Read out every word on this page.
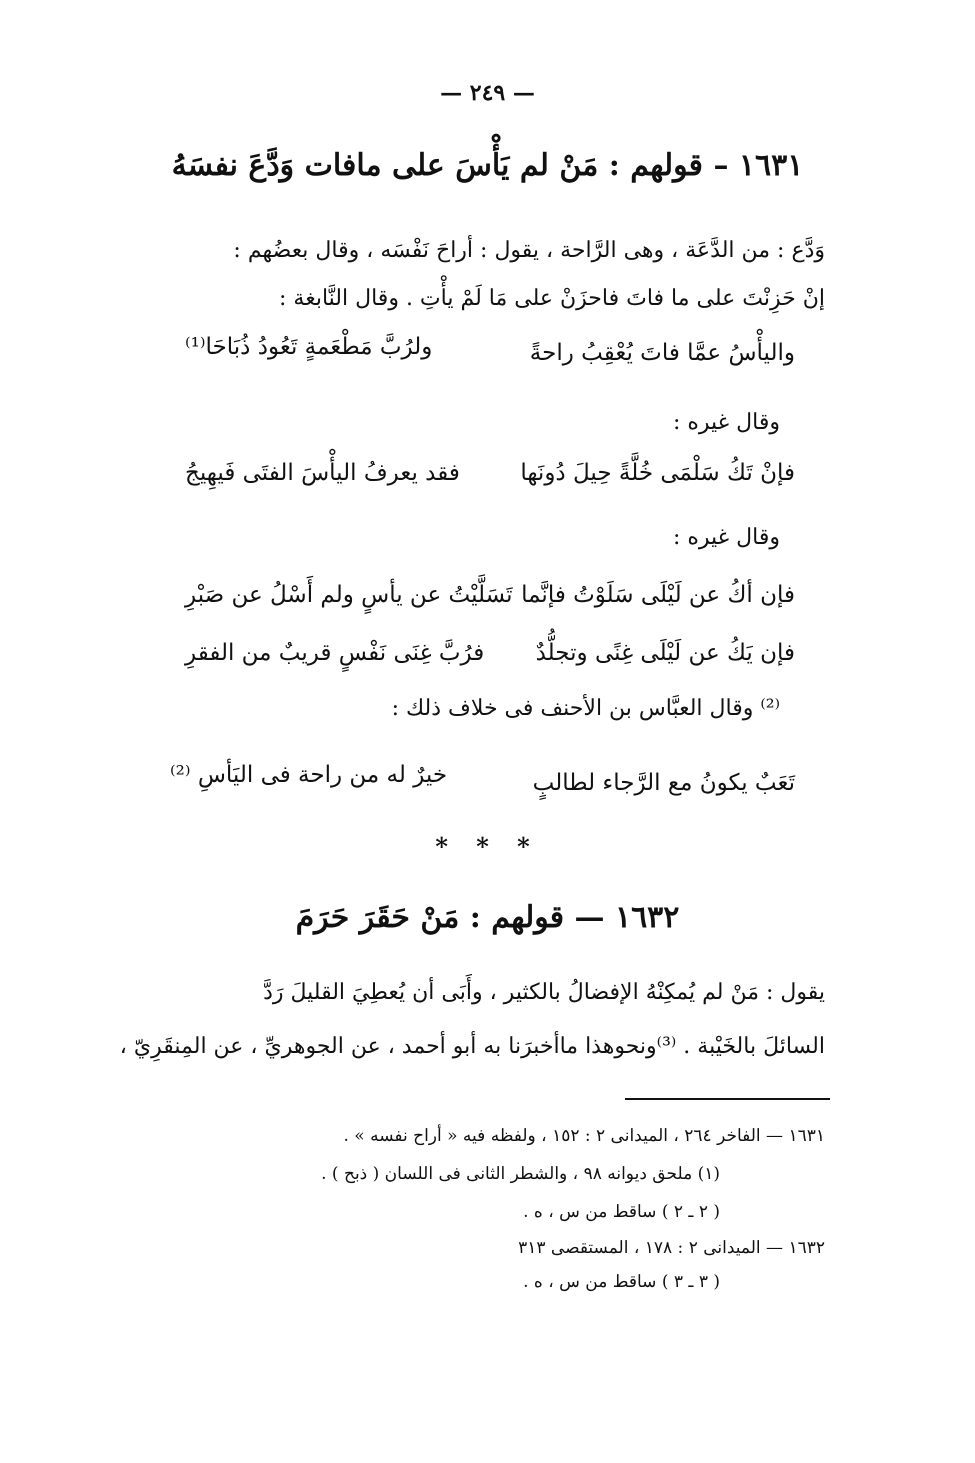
— ٢٤٩ —
١٦٣١ – قولهم : مَنْ لم يَأْسَ على مافات وَدَّعَ نفسَهُ
وَدَّع : من الدَّعَة ، وهى الرَّاحة ، يقول : أراحَ نَفْسَه ، وقال بعضُهم :
إنْ حَزِنْتَ على ما فاتَ فاحزَنْ على مَا لَمْ يأْتِ . وقال النَّابغة :
واليأْسُ عمَّا فاتَ يُعْقِبُ راحةً
ولرُبَّ مَطْعَمةٍ تَعُودُ ذُبَاحَا⁽¹⁾
وقال غيره :
فإنْ تَكُ سَلْمَى خُلَّةً حِيلَ دُونَها
فقد يعرفُ اليأْسَ الفتَى فَيهِيجُ
وقال غيره :
فإن أكُ عن لَيْلَى سَلَوْتُ فإنَّما
تَسَلَّيْتُ عن يأسٍ ولم أَسْلُ عن صَبْرِ
فإن يَكُ عن لَيْلَى غِنًى وتجلُّدٌ
فرُبَّ غِنَى نَفْسٍ قريبٌ من الفقرِ
⁽²⁾ وقال العبَّاس بن الأحنف فى خلاف ذلك :
تَعَبٌ يكونُ مع الرَّجاء لطالبٍ
خيرٌ له من راحة فى اليَأسِ ⁽²⁾
* * *
١٦٣٢ — قولهم : مَنْ حَقَرَ حَرَمَ
يقول : مَنْ لم يُمكِنْهُ الإفضالُ بالكثير ، وأَبَى أن يُعطِيَ القليلَ رَدَّ
السائلَ بالخَيْبة . ⁽³⁾ونحوهذا ماأخبرَنا به أبو أحمد ، عن الجوهريِّ ، عن المِنقَرِيّ ،
١٦٣١ — الفاخر ٢٦٤ ، الميدانى ٢ : ١٥٢ ، ولفظه فيه « أراح نفسه » .
(١) ملحق ديوانه ٩٨ ، والشطر الثانى فى اللسان ( ذبح ) .
( ٢ ـ ٢ ) ساقط من س ، ه .
١٦٣٢ — الميدانى ٢ : ١٧٨ ، المستقصى ٣١٣
( ٣ ـ ٣ ) ساقط من س ، ه .
